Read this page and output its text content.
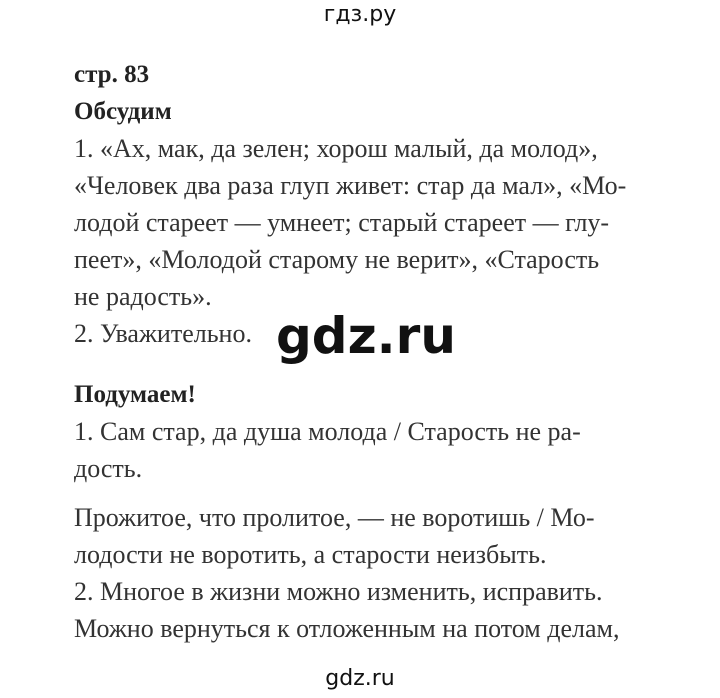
гдз.ру
стр. 83
Обсудим
1. «Ах, мак, да зелен; хорош малый, да молод»,
«Человек два раза глуп живет: стар да мал», «Мо-
лодой стареет — умнеет; старый стареет — глу-
пеет», «Молодой старому не верит», «Старость
не радость».
2. Уважительно.
Подумаем!
1. Сам стар, да душа молода / Старость не ра-
дость.
Прожитое, что пролитое, — не воротишь / Мо-
лодости не воротить, а старости неизбыть.
2. Многое в жизни можно изменить, исправить.
Можно вернуться к отложенным на потом делам,
gdz.ru
gdz.ru
